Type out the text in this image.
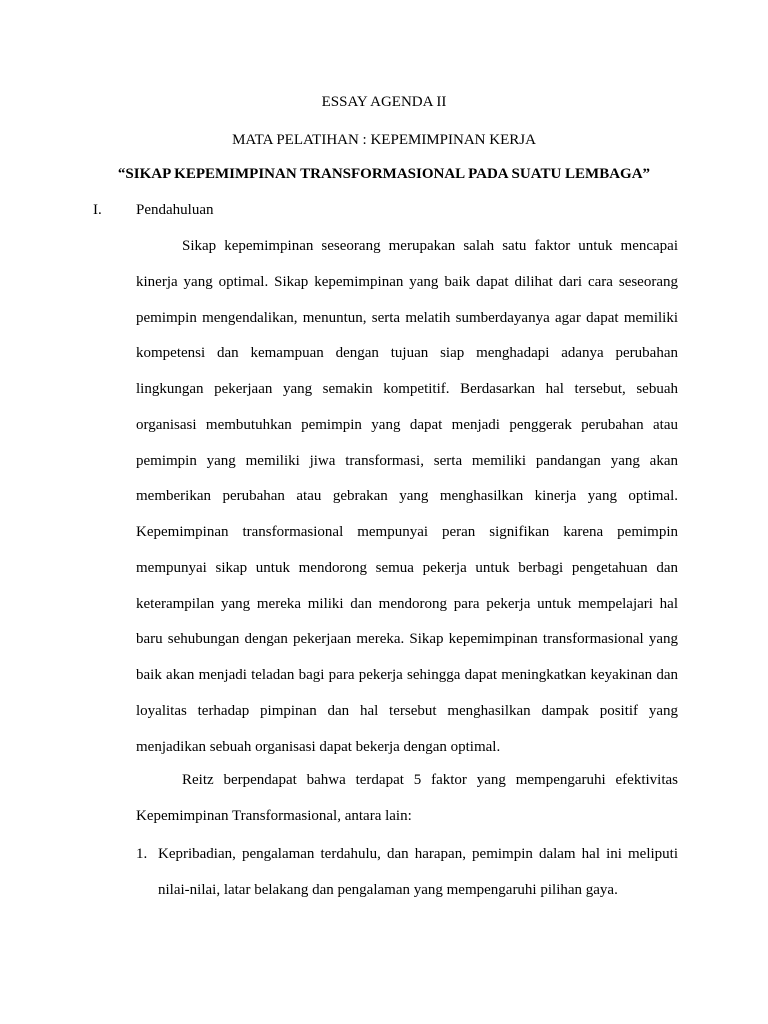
ESSAY AGENDA II
MATA PELATIHAN : KEPEMIMPINAN KERJA
“SIKAP KEPEMIMPINAN TRANSFORMASIONAL PADA SUATU LEMBAGA”
I. Pendahuluan

Sikap kepemimpinan seseorang merupakan salah satu faktor untuk mencapai kinerja yang optimal. Sikap kepemimpinan yang baik dapat dilihat dari cara seseorang pemimpin mengendalikan, menuntun, serta melatih sumberdayanya agar dapat memiliki kompetensi dan kemampuan dengan tujuan siap menghadapi adanya perubahan lingkungan pekerjaan yang semakin kompetitif. Berdasarkan hal tersebut, sebuah organisasi membutuhkan pemimpin yang dapat menjadi penggerak perubahan atau pemimpin yang memiliki jiwa transformasi, serta memiliki pandangan yang akan memberikan perubahan atau gebrakan yang menghasilkan kinerja yang optimal. Kepemimpinan transformasional mempunyai peran signifikan karena pemimpin mempunyai sikap untuk mendorong semua pekerja untuk berbagi pengetahuan dan keterampilan yang mereka miliki dan mendorong para pekerja untuk mempelajari hal baru sehubungan dengan pekerjaan mereka. Sikap kepemimpinan transformasional yang baik akan menjadi teladan bagi para pekerja sehingga dapat meningkatkan keyakinan dan loyalitas terhadap pimpinan dan hal tersebut menghasilkan dampak positif yang menjadikan sebuah organisasi dapat bekerja dengan optimal.

Reitz berpendapat bahwa terdapat 5 faktor yang mempengaruhi efektivitas Kepemimpinan Transformasional, antara lain:

1. Kepribadian, pengalaman terdahulu, dan harapan, pemimpin dalam hal ini meliputi nilai-nilai, latar belakang dan pengalaman yang mempengaruhi pilihan gaya.
